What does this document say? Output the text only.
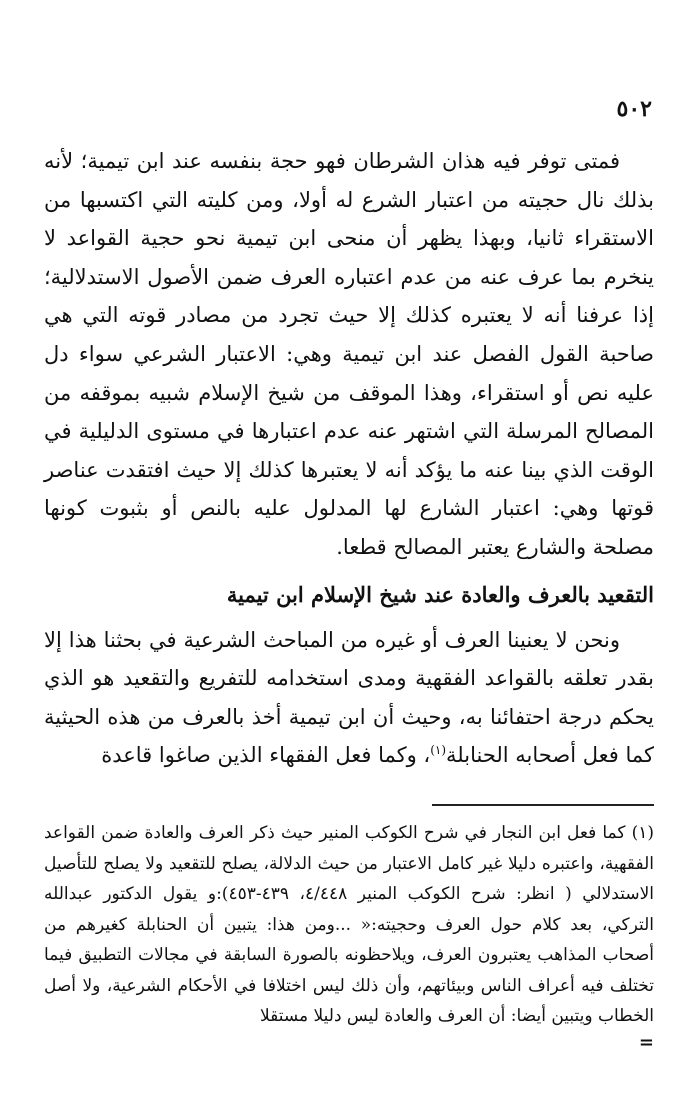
٥٠٢

فمتى توفر فيه هذان الشرطان فهو حجة بنفسه عند ابن تيمية؛ لأنه بذلك نال حجيته من اعتبار الشرع له أولا، ومن كليته التي اكتسبها من الاستقراء ثانيا، وبهذا يظهر أن منحى ابن تيمية نحو حجية القواعد لا ينخرم بما عرف عنه من عدم اعتباره العرف ضمن الأصول الاستدلالية؛ إذا عرفنا أنه لا يعتبره كذلك إلا حيث تجرد من مصادر قوته التي هي صاحبة القول الفصل عند ابن تيمية وهي: الاعتبار الشرعي سواء دل عليه نص أو استقراء، وهذا الموقف من شيخ الإسلام شبيه بموقفه من المصالح المرسلة التي اشتهر عنه عدم اعتبارها في مستوى الدليلية في الوقت الذي بينا عنه ما يؤكد أنه لا يعتبرها كذلك إلا حيث افتقدت عناصر قوتها وهي: اعتبار الشارع لها المدلول عليه بالنص أو بثبوت كونها مصلحة والشارع يعتبر المصالح قطعا.

التقعيد بالعرف والعادة عند شيخ الإسلام ابن تيمية

ونحن لا يعنينا العرف أو غيره من المباحث الشرعية في بحثنا هذا إلا بقدر تعلقه بالقواعد الفقهية ومدى استخدامه للتفريع والتقعيد هو الذي يحكم درجة احتفائنا به، وحيث أن ابن تيمية أخذ بالعرف من هذه الحيثية كما فعل أصحابه الحنابلة$^{(١)}$، وكما فعل الفقهاء الذين صاغوا قاعدة

(١) كما فعل ابن النجار في شرح الكوكب المنير حيث ذكر العرف والعادة ضمن القواعد الفقهية، واعتبره دليلا غير كامل الاعتبار من حيث الدلالة، يصلح للتقعيد ولا يصلح للتأصيل الاستدلالي ( انظر: شرح الكوكب المنير ٤/٤٤٨، ٤٣٩-٤٥٣):و يقول الدكتور عبدالله التركي، بعد كلام حول العرف وحجيته:« ...ومن هذا: يتبين أن الحنابلة كغيرهم من أصحاب المذاهب يعتبرون العرف، ويلاحظونه بالصورة السابقة في مجالات التطبيق فيما تختلف فيه أعراف الناس وبيئاتهم، وأن ذلك ليس اختلافا في الأحكام الشرعية، ولا أصل الخطاب ويتبين أيضا: أن العرف والعادة ليس دليلا مستقلا

=
